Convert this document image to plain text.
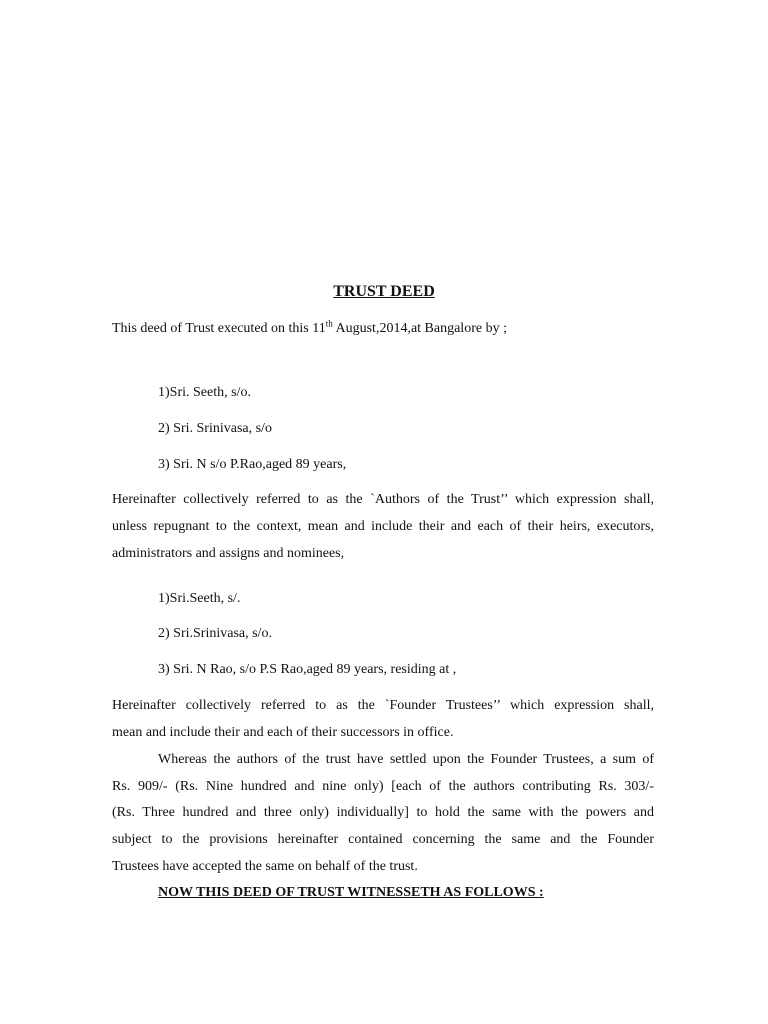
TRUST DEED
This deed of Trust executed on this 11th August,2014,at Bangalore by ;
1)Sri. Seeth, s/o.
2) Sri. Srinivasa, s/o
3) Sri. N s/o P.Rao,aged 89 years,
Hereinafter collectively referred to as the `Authors of the Trust’’ which expression shall,
unless repugnant to the context, mean and include their and each of their heirs, executors,
administrators and assigns and nominees,
1)Sri.Seeth, s/.
2) Sri.Srinivasa, s/o.
3) Sri. N Rao, s/o P.S Rao,aged 89 years, residing at ,
Hereinafter collectively referred to as the `Founder Trustees’’ which expression shall,
mean and include their and each of their successors in office.
Whereas the authors of the trust have settled upon the Founder Trustees, a sum of
Rs. 909/- (Rs. Nine hundred and nine only) [each of the authors contributing Rs. 303/-
(Rs. Three hundred and three only) individually] to hold the same with the powers and
subject to the provisions hereinafter contained concerning the same and the Founder
Trustees have accepted the same on behalf of the trust.
NOW THIS DEED OF TRUST WITNESSETH AS FOLLOWS :
